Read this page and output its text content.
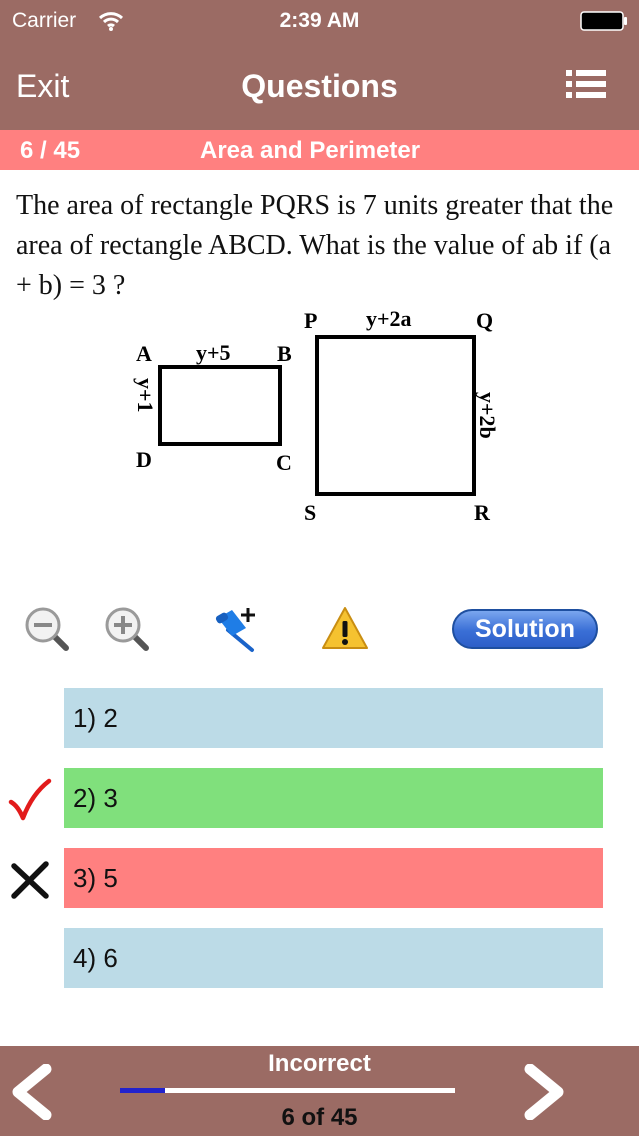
Carrier	2:39 AM
Exit	Questions
6 / 45	Area and Perimeter
The area of rectangle PQRS is 7 units greater that the area of rectangle ABCD. What is the value of ab if (a + b) = 3 ?
A y+5 B
y+1
D	C
P y+2a	Q
y+2b
S	R
Solution
1) 2
2) 3
3) 5
4) 6
Incorrect
6 of 45
